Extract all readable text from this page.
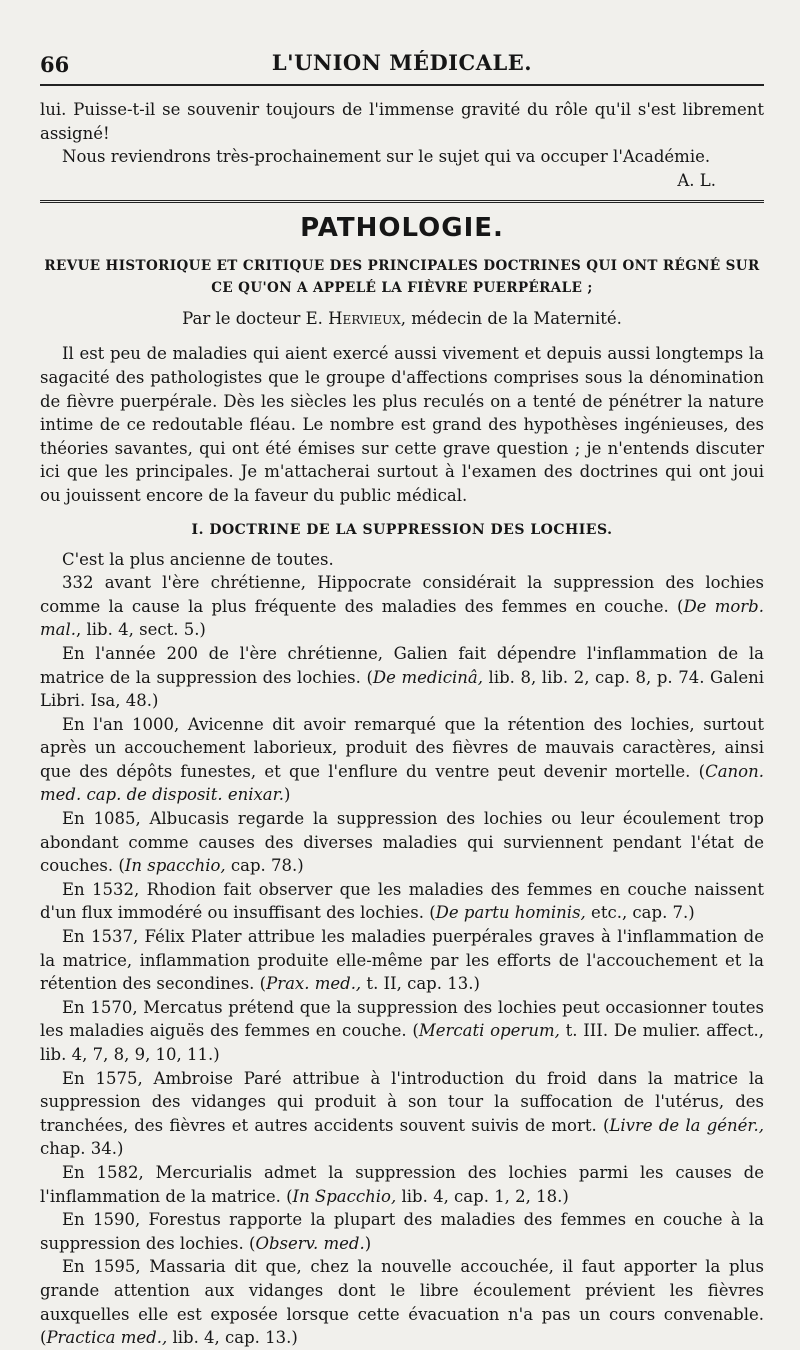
66	L'UNION MÉDICALE.

lui. Puisse-t-il se souvenir toujours de l'immense gravité du rôle qu'il s'est librement assigné!

Nous reviendrons très-prochainement sur le sujet qui va occuper l'Académie.

A. L.

PATHOLOGIE.
REVUE HISTORIQUE ET CRITIQUE DES PRINCIPALES DOCTRINES QUI ONT RÉGNÉ SUR
CE QU'ON A APPELÉ LA FIÈVRE PUERPÉRALE ;
Par le docteur E. Hervieux, médecin de la Maternité.

Il est peu de maladies qui aient exercé aussi vivement et depuis aussi longtemps la sagacité des pathologistes que le groupe d'affections comprises sous la dénomination de fièvre puerpérale. Dès les siècles les plus reculés on a tenté de pénétrer la nature intime de ce redoutable fléau. Le nombre est grand des hypothèses ingénieuses, des théories savantes, qui ont été émises sur cette grave question ; je n'entends discuter ici que les principales. Je m'attacherai surtout à l'examen des doctrines qui ont joui ou jouissent encore de la faveur du public médical.

I. DOCTRINE DE LA SUPPRESSION DES LOCHIES.

C'est la plus ancienne de toutes.

332 avant l'ère chrétienne, Hippocrate considérait la suppression des lochies comme la cause la plus fréquente des maladies des femmes en couche. (De morb. mal., lib. 4, sect. 5.)

En l'année 200 de l'ère chrétienne, Galien fait dépendre l'inflammation de la matrice de la suppression des lochies. (De medicinâ, lib. 8, lib. 2, cap. 8, p. 74. Galeni Libri. Isa, 48.)

En l'an 1000, Avicenne dit avoir remarqué que la rétention des lochies, surtout après un accouchement laborieux, produit des fièvres de mauvais caractères, ainsi que des dépôts funestes, et que l'enflure du ventre peut devenir mortelle. (Canon. med. cap. de disposit. enixar.)

En 1085, Albucasis regarde la suppression des lochies ou leur écoulement trop abondant comme causes des diverses maladies qui surviennent pendant l'état de couches. (In spacchio, cap. 78.)

En 1532, Rhodion fait observer que les maladies des femmes en couche naissent d'un flux immodéré ou insuffisant des lochies. (De partu hominis, etc., cap. 7.)

En 1537, Félix Plater attribue les maladies puerpérales graves à l'inflammation de la matrice, inflammation produite elle-même par les efforts de l'accouchement et la rétention des secondines. (Prax. med., t. II, cap. 13.)

En 1570, Mercatus prétend que la suppression des lochies peut occasionner toutes les maladies aiguës des femmes en couche. (Mercati operum, t. III. De mulier. affect., lib. 4, 7, 8, 9, 10, 11.)

En 1575, Ambroise Paré attribue à l'introduction du froid dans la matrice la suppression des vidanges qui produit à son tour la suffocation de l'utérus, des tranchées, des fièvres et autres accidents souvent suivis de mort. (Livre de la génér., chap. 34.)

En 1582, Mercurialis admet la suppression des lochies parmi les causes de l'inflammation de la matrice. (In Spacchio, lib. 4, cap. 1, 2, 18.)

En 1590, Forestus rapporte la plupart des maladies des femmes en couche à la suppression des lochies. (Observ. med.)

En 1595, Massaria dit que, chez la nouvelle accouchée, il faut apporter la plus grande attention aux vidanges dont le libre écoulement prévient les fièvres auxquelles elle est exposée lorsque cette évacuation n'a pas un cours convenable. (Practica med., lib. 4, cap. 13.)
